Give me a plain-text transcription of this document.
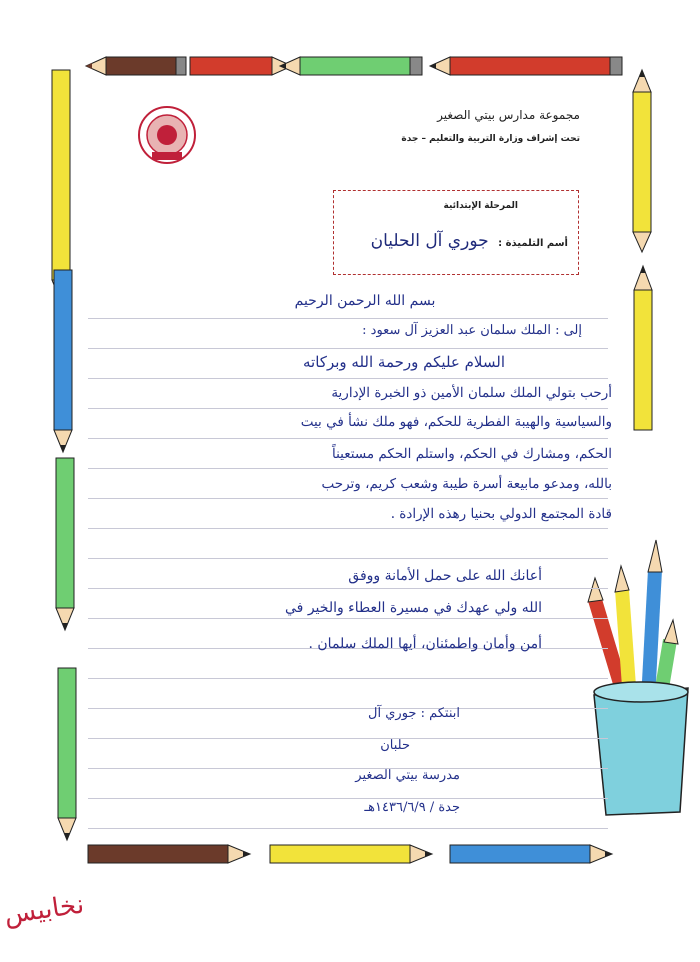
مجموعة مدارس بيتي الصغير
تحت إشراف وزارة التربية والتعليم – جدة
المرحلة الإبتدائية
أسم التلميذة : جوري آل الحليان
بسم الله الرحمن الرحيم
إلى : الملك سلمان عبد العزيز آل سعود :
السلام عليكم ورحمة الله وبركاته
أرحب بتولي الملك سلمان الأمين ذو الخبرة الإدارية
والسياسية والهيبة الفطرية للحكم، فهو ملك نشأ في بيت
الحكم، ومشارك في الحكم، واستلم الحكم مستعيناً
بالله، ومدعو مابيعة أسرة طيبة وشعب كريم، وترحب
قادة المجتمع الدولي بحنيا رهذه الإرادة .
أعانك الله على حمل الأمانة ووفق
الله ولي عهدك في مسيرة العطاء والخير في
أمن وأمان واطمئنان، أيها الملك سلمان .
ابنتكم : جوري آل
حلبان
مدرسة بيتي الصغير
جدة / ١٤٣٦/٦/٩هـ
نخابيس
